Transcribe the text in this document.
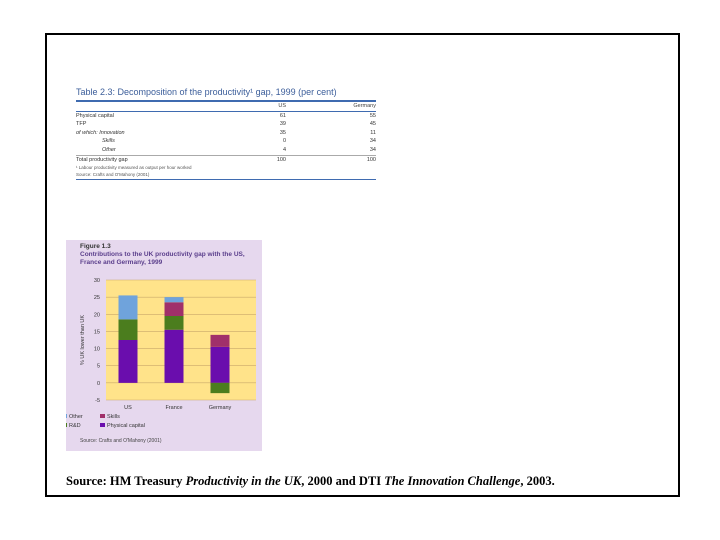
Table 2.3: Decomposition of the productivity¹ gap, 1999 (per cent)
	US	Germany
Physical capital	61	55
TFP	39	45
of which: Innovation	35	11
Skills	0	34
Other	4	34
Total productivity gap	100	100
¹ Labour productivity measured as output per hour worked
Source: Crafts and O'Mahony (2001)
Figure 1.3
Contributions to the UK productivity gap with the US, France and Germany, 1999
30
25
20
15
10
5
0
-5
% UK lower than UK
US	France	Germany
Other	Skills
R&D	Physical capital
Source: Crafts and O'Mahony (2001)
Source: HM Treasury Productivity in the UK, 2000 and DTI The Innovation Challenge, 2003.
